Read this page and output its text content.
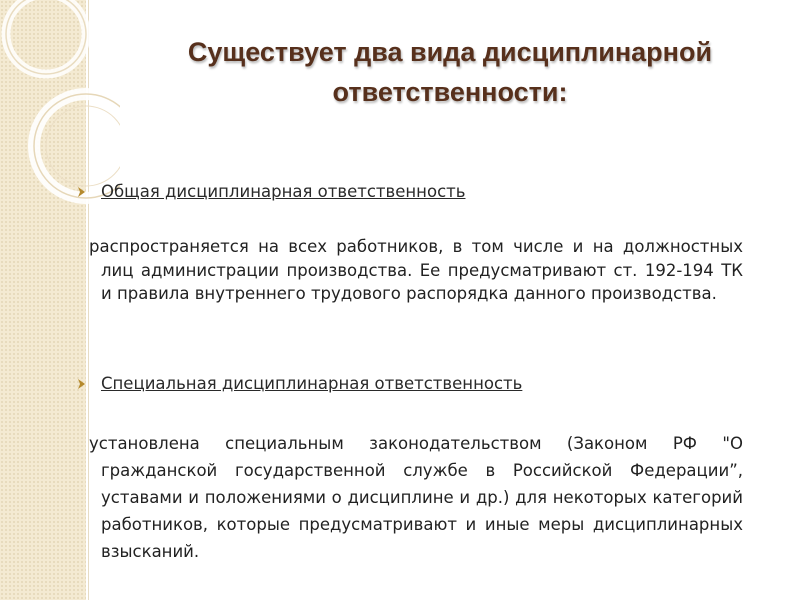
Существует два вида дисциплинарной
ответственности:
Общая дисциплинарная ответственность
распространяется на всех работников, в том числе и на должностных лиц администрации производства. Ее предусматривают ст. 192-194 ТК и правила внутреннего трудового распорядка данного производства.
Специальная дисциплинарная ответственность
установлена специальным законодательством (Законом РФ "О гражданской государственной службе в Российской Федерации”, уставами и положениями о дисциплине и др.) для некоторых категорий работников, которые предусматривают и иные меры дисциплинарных взысканий.
